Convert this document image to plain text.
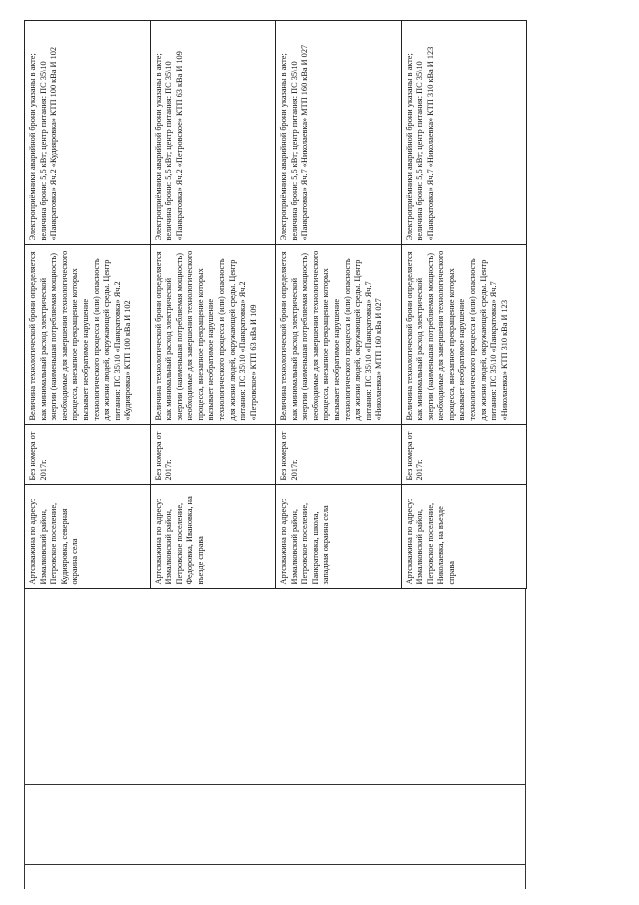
	Артскважина по адресу: Измалковский район, Петровское поселение, Кудияровка, северная окраина села	Без номера от 2017г.	Величина технологической брони определяется как минимальный расход электрической энергии (наименьшая потребляемая мощность) необходимые для завершения технологического процесса, внезапное прекращение которых вызывает необратимое нарушение технологического процесса и (или) опасность для жизни людей, окружающей среды. Центр питания: ПС 35\10 «Панкратовка» Яч.2 «Кудияровка» КТП 100 кВа И 102	Электроприёмники аварийной брони указаны в акте; величина брони: 5,5 кВт; центр питания: ПС 35\10 «Панкратовка» Яч.2 «Кудияровка» КТП 100 кВа И 102
	Артскважина по адресу: Измалковский район, Петровское поселение, Федоровка, Ивановка, на въезде справа	Без номера от 2017г.	Величина технологической брони определяется как минимальный расход электрической энергии (наименьшая потребляемая мощность) необходимые для завершения технологического процесса, внезапное прекращение которых вызывает необратимое нарушение технологического процесса и (или) опасность для жизни людей, окружающей среды. Центр питания: ПС 35\10 «Панкратовка» Яч.2 «Петровское» КТП 63 кВа И 109	Электроприёмники аварийной брони указаны в акте; величина брони: 5,5 кВт; центр питания: ПС 35\10 «Панкратовка» Яч.2 «Петровское» КТП 63 кВа И 109
	Артскважина по адресу: Измалковский район, Петровское поселение, Панкратовка, школа, западная окраина села	Без номера от 2017г.	Величина технологической брони определяется как минимальный расход электрической энергии (наименьшая потребляемая мощность) необходимые для завершения технологического процесса, внезапное прекращение которых вызывает необратимое нарушение технологического процесса и (или) опасность для жизни людей, окружающей среды. Центр питания: ПС 35\10 «Панкратовка» Яч.7 «Николаевка» МТП 160 кВа И 027	Электроприёмники аварийной брони указаны в акте; величина брони: 5,5 кВт; центр питания: ПС 35\10 «Панкратовка» Яч.7 «Николаевка» МТП 160 кВа И 027
	Артскважина по адресу: Измалковский район, Петровское поселение, Николаевка, на въезде справа	Без номера от 2017г.	Величина технологической брони определяется как минимальный расход электрической энергии (наименьшая потребляемая мощность) необходимые для завершения технологического процесса, внезапное прекращение которых вызывает необратимое нарушение технологического процесса и (или) опасность для жизни людей, окружающей среды. Центр питания: ПС 35\10 «Панкратовка» Яч.7 «Николаевка» КТП 310 кВа И 123	Электроприёмники аварийной брони указаны в акте; величина брони: 5,5 кВт; центр питания: ПС 35\10 «Панкратовка» Яч.7 «Николаевка» КТП 310 кВа И 123
